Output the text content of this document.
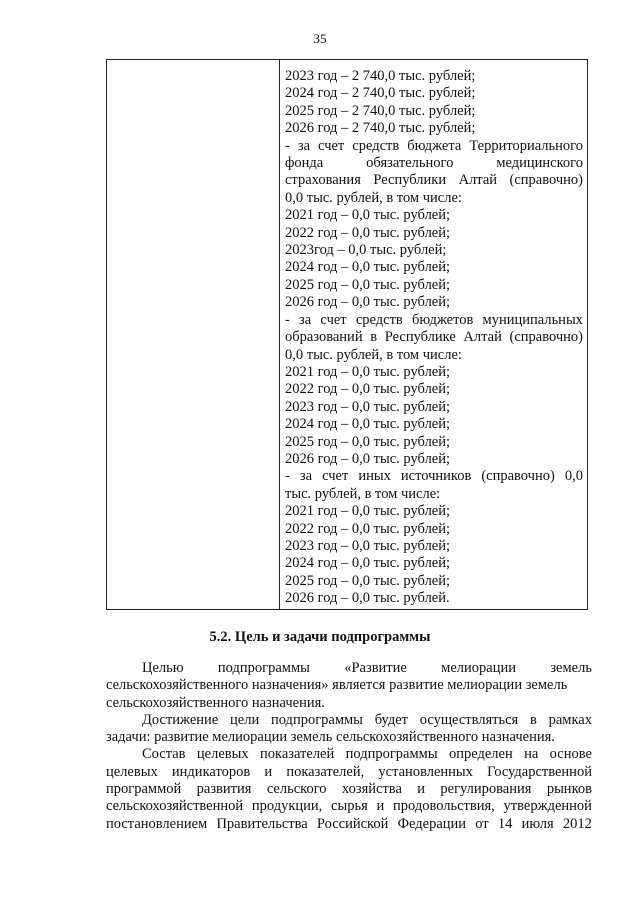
35
2023 год – 2 740,0 тыс. рублей;
2024 год – 2 740,0 тыс. рублей;
2025 год – 2 740,0 тыс. рублей;
2026 год – 2 740,0 тыс. рублей;
- за счет средств бюджета Территориального
фонда	обязательного	медицинского
страхования Республики Алтай (справочно)
0,0 тыс. рублей, в том числе:
2021 год – 0,0 тыс. рублей;
2022 год – 0,0 тыс. рублей;
2023год – 0,0 тыс. рублей;
2024 год – 0,0 тыс. рублей;
2025 год – 0,0 тыс. рублей;
2026 год – 0,0 тыс. рублей;
- за счет средств бюджетов муниципальных
образований в Республике Алтай (справочно)
0,0 тыс. рублей, в том числе:
2021 год – 0,0 тыс. рублей;
2022 год – 0,0 тыс. рублей;
2023 год – 0,0 тыс. рублей;
2024 год – 0,0 тыс. рублей;
2025 год – 0,0 тыс. рублей;
2026 год – 0,0 тыс. рублей;
- за счет иных источников (справочно) 0,0
тыс. рублей, в том числе:
2021 год – 0,0 тыс. рублей;
2022 год – 0,0 тыс. рублей;
2023 год – 0,0 тыс. рублей;
2024 год – 0,0 тыс. рублей;
2025 год – 0,0 тыс. рублей;
2026 год – 0,0 тыс. рублей.
5.2. Цель и задачи подпрограммы
Целью подпрограммы «Развитие мелиорации земель
сельскохозяйственного назначения» является развитие мелиорации земель
сельскохозяйственного назначения.
Достижение цели подпрограммы будет осуществляться в рамках
задачи: развитие мелиорации земель сельскохозяйственного назначения.
Состав целевых показателей подпрограммы определен на основе
целевых индикаторов и показателей, установленных Государственной
программой развития сельского хозяйства и регулирования рынков
сельскохозяйственной продукции, сырья и продовольствия, утвержденной
постановлением Правительства Российской Федерации от 14 июля 2012
